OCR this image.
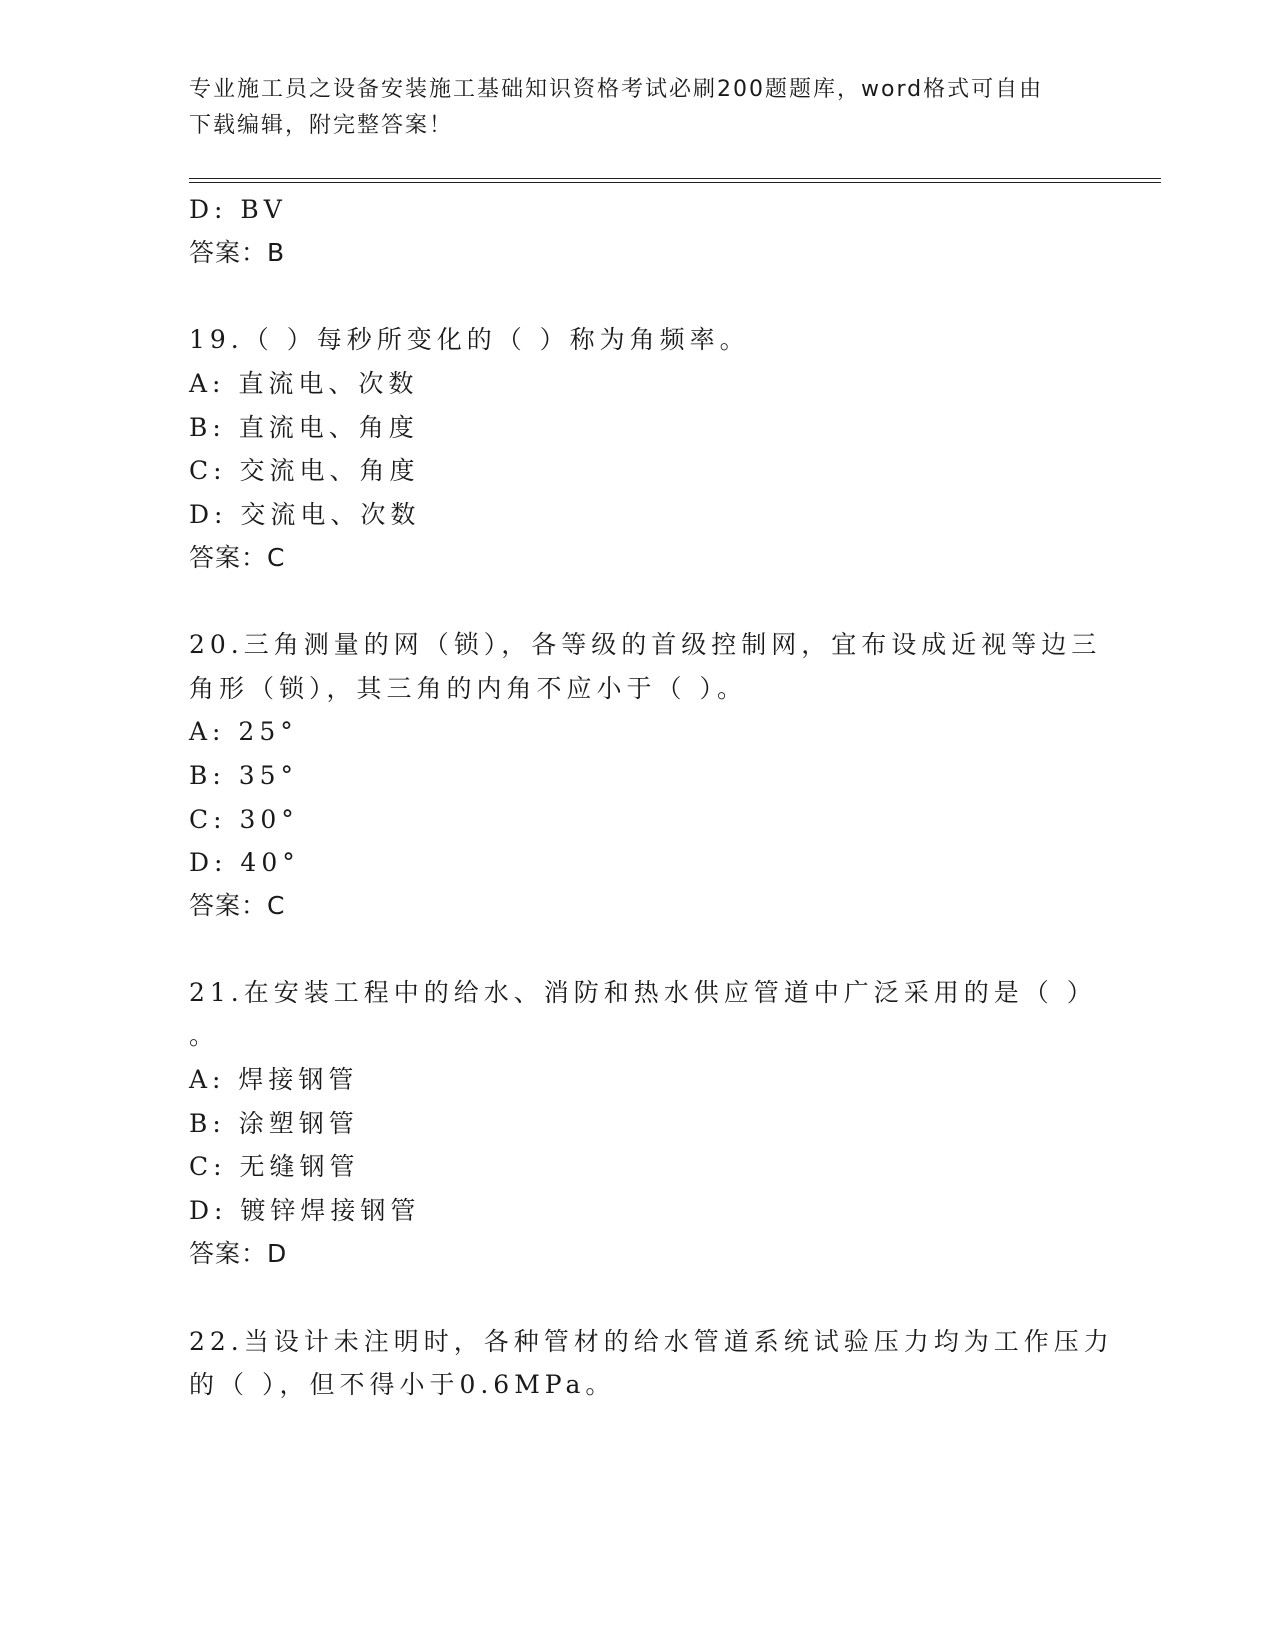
专业施工员之设备安装施工基础知识资格考试必刷200题题库，word格式可自由
下载编辑，附完整答案！
D: BV
答案：B
19.（ ）每秒所变化的（ ）称为角频率。
A: 直流电、次数
B: 直流电、角度
C: 交流电、角度
D: 交流电、次数
答案：C
20.三角测量的网（锁），各等级的首级控制网，宜布设成近视等边三
角形（锁），其三角的内角不应小于（ ）。
A: 25°
B: 35°
C: 30°
D: 40°
答案：C
21.在安装工程中的给水、消防和热水供应管道中广泛采用的是（ ）
。
A: 焊接钢管
B: 涂塑钢管
C: 无缝钢管
D: 镀锌焊接钢管
答案：D
22.当设计未注明时，各种管材的给水管道系统试验压力均为工作压力
的（ ），但不得小于0.6MPa。
